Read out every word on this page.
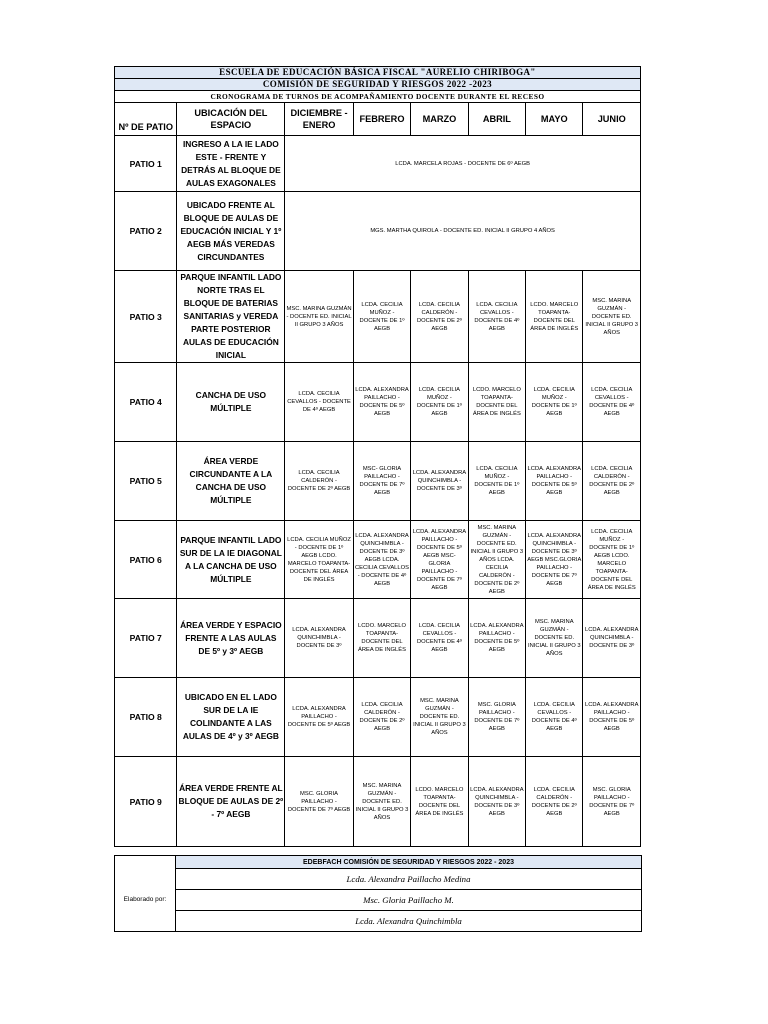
ESCUELA DE EDUCACIÓN BÁSICA FISCAL "AURELIO CHIRIBOGA"
COMISIÓN DE SEGURIDAD Y RIESGOS 2022 -2023
CRONOGRAMA DE TURNOS DE ACOMPAÑAMIENTO DOCENTE DURANTE EL RECESO
Nº DE PATIO	UBICACIÓN DEL ESPACIO	DICIEMBRE - ENERO	FEBRERO	MARZO	ABRIL	MAYO	JUNIO
PATIO 1	INGRESO A LA IE LADO ESTE - FRENTE Y DETRÁS AL BLOQUE DE AULAS EXAGONALES	LCDA. MARCELA ROJAS - DOCENTE DE 6º AEGB					
PATIO 2	UBICADO FRENTE AL BLOQUE DE AULAS DE EDUCACIÓN INICIAL Y 1º AEGB MÁS VEREDAS CIRCUNDANTES	MGS. MARTHA QUIROLA - DOCENTE ED. INICIAL II GRUPO 4 AÑOS					
PATIO 3	PARQUE INFANTIL LADO NORTE TRAS EL BLOQUE DE BATERIAS SANITARIAS y VEREDA PARTE POSTERIOR AULAS DE EDUCACIÓN INICIAL	MSC. MARINA GUZMÁN - DOCENTE ED. INICIAL II GRUPO 3 AÑOS	LCDA. CECILIA MUÑOZ - DOCENTE DE 1º AEGB	LCDA. CECILIA CALDERÓN - DOCENTE DE 2º AEGB	LCDA. CECILIA CEVALLOS - DOCENTE DE 4º AEGB	LCDO. MARCELO TOAPANTA- DOCENTE DEL ÁREA DE INGLÉS	MSC. MARINA GUZMÁN - DOCENTE ED. INICIAL II GRUPO 3 AÑOS
PATIO 4	CANCHA DE USO MÚLTIPLE	LCDA. CECILIA CEVALLOS - DOCENTE DE 4º AEGB	LCDA. ALEXANDRA PAILLACHO - DOCENTE DE 5º AEGB	LCDA. CECILIA MUÑOZ - DOCENTE DE 1º AEGB	LCDO. MARCELO TOAPANTA- DOCENTE DEL ÁREA DE INGLÉS	LCDA. CECILIA MUÑOZ - DOCENTE DE 1º AEGB	LCDA. CECILIA CEVALLOS - DOCENTE DE 4º AEGB
PATIO 5	ÁREA VERDE CIRCUNDANTE A LA CANCHA DE USO MÚLTIPLE	LCDA. CECILIA CALDERÓN - DOCENTE DE 2º AEGB	MSC- GLORIA PAILLACHO - DOCENTE DE 7º AEGB	LCDA. ALEXANDRA QUINCHIMBLA - DOCENTE DE 3º	LCDA. CECILIA MUÑOZ - DOCENTE DE 1º AEGB	LCDA. ALEXANDRA PAILLACHO - DOCENTE DE 5º AEGB	LCDA. CECILIA CALDERÓN - DOCENTE DE 2º AEGB
PATIO 6	PARQUE INFANTIL LADO SUR DE LA IE DIAGONAL A LA CANCHA DE USO MÚLTIPLE	LCDA. CECILIA MUÑOZ - DOCENTE DE 1º AEGB LCDO. MARCELO TOAPANTA- DOCENTE DEL ÁREA DE INGLÉS	LCDA. ALEXANDRA QUINCHIMBLA - DOCENTE DE 3º AEGB LCDA. CECILIA CEVALLOS - DOCENTE DE 4º AEGB	LCDA. ALEXANDRA PAILLACHO - DOCENTE DE 5º AEGB MSC- GLORIA PAILLACHO - DOCENTE DE 7º AEGB	MSC. MARINA GUZMÁN - DOCENTE ED. INICIAL II GRUPO 3 AÑOS LCDA. CECILIA CALDERÓN - DOCENTE DE 2º AEGB	LCDA. ALEXANDRA QUINCHIMBLA - DOCENTE DE 3º AEGB MSC.GLORIA PAILLACHO - DOCENTE DE 7º AEGB	LCDA. CECILIA MUÑOZ - DOCENTE DE 1º AEGB LCDO. MARCELO TOAPANTA- DOCENTE DEL ÁREA DE INGLÉS
PATIO 7	ÁREA VERDE Y ESPACIO FRENTE A LAS AULAS DE 5º y 3º AEGB	LCDA. ALEXANDRA QUINCHIMBLA - DOCENTE DE 3º	LCDO. MARCELO TOAPANTA- DOCENTE DEL ÁREA DE INGLÉS	LCDA. CECILIA CEVALLOS - DOCENTE DE 4º AEGB	LCDA. ALEXANDRA PAILLACHO - DOCENTE DE 5º AEGB	MSC. MARINA GUZMÁN - DOCENTE ED. INICIAL II GRUPO 3 AÑOS	LCDA. ALEXANDRA QUINCHIMBLA - DOCENTE DE 3º
PATIO 8	UBICADO EN EL LADO SUR DE LA IE COLINDANTE A LAS AULAS DE 4º y 3º AEGB	LCDA. ALEXANDRA PAILLACHO - DOCENTE DE 5º AEGB	LCDA. CECILIA CALDERÓN - DOCENTE DE 2º AEGB	MSC. MARINA GUZMÁN - DOCENTE ED. INICIAL II GRUPO 3 AÑOS	MSC. GLORIA PAILLACHO - DOCENTE DE 7º AEGB	LCDA. CECILIA CEVALLOS - DOCENTE DE 4º AEGB	LCDA. ALEXANDRA PAILLACHO - DOCENTE DE 5º AEGB
PATIO 9	ÁREA VERDE FRENTE AL BLOQUE DE AULAS DE 2º - 7º AEGB	MSC. GLORIA PAILLACHO - DOCENTE DE 7º AEGB	MSC. MARINA GUZMÁN - DOCENTE ED. INICIAL II GRUPO 3 AÑOS	LCDO. MARCELO TOAPANTA- DOCENTE DEL ÁREA DE INGLÉS	LCDA. ALEXANDRA QUINCHIMBLA - DOCENTE DE 3º AEGB	LCDA. CECILIA CALDERÓN - DOCENTE DE 2º AEGB	MSC. GLORIA PAILLACHO - DOCENTE DE 7º AEGB
	EDEBFACH COMISIÓN DE SEGURIDAD Y RIESGOS 2022 - 2023
Elaborado por:	Lcda. Alexandra Paillacho Medina
	Msc. Gloria Paillacho M.
	Lcda. Alexandra Quinchimbla
